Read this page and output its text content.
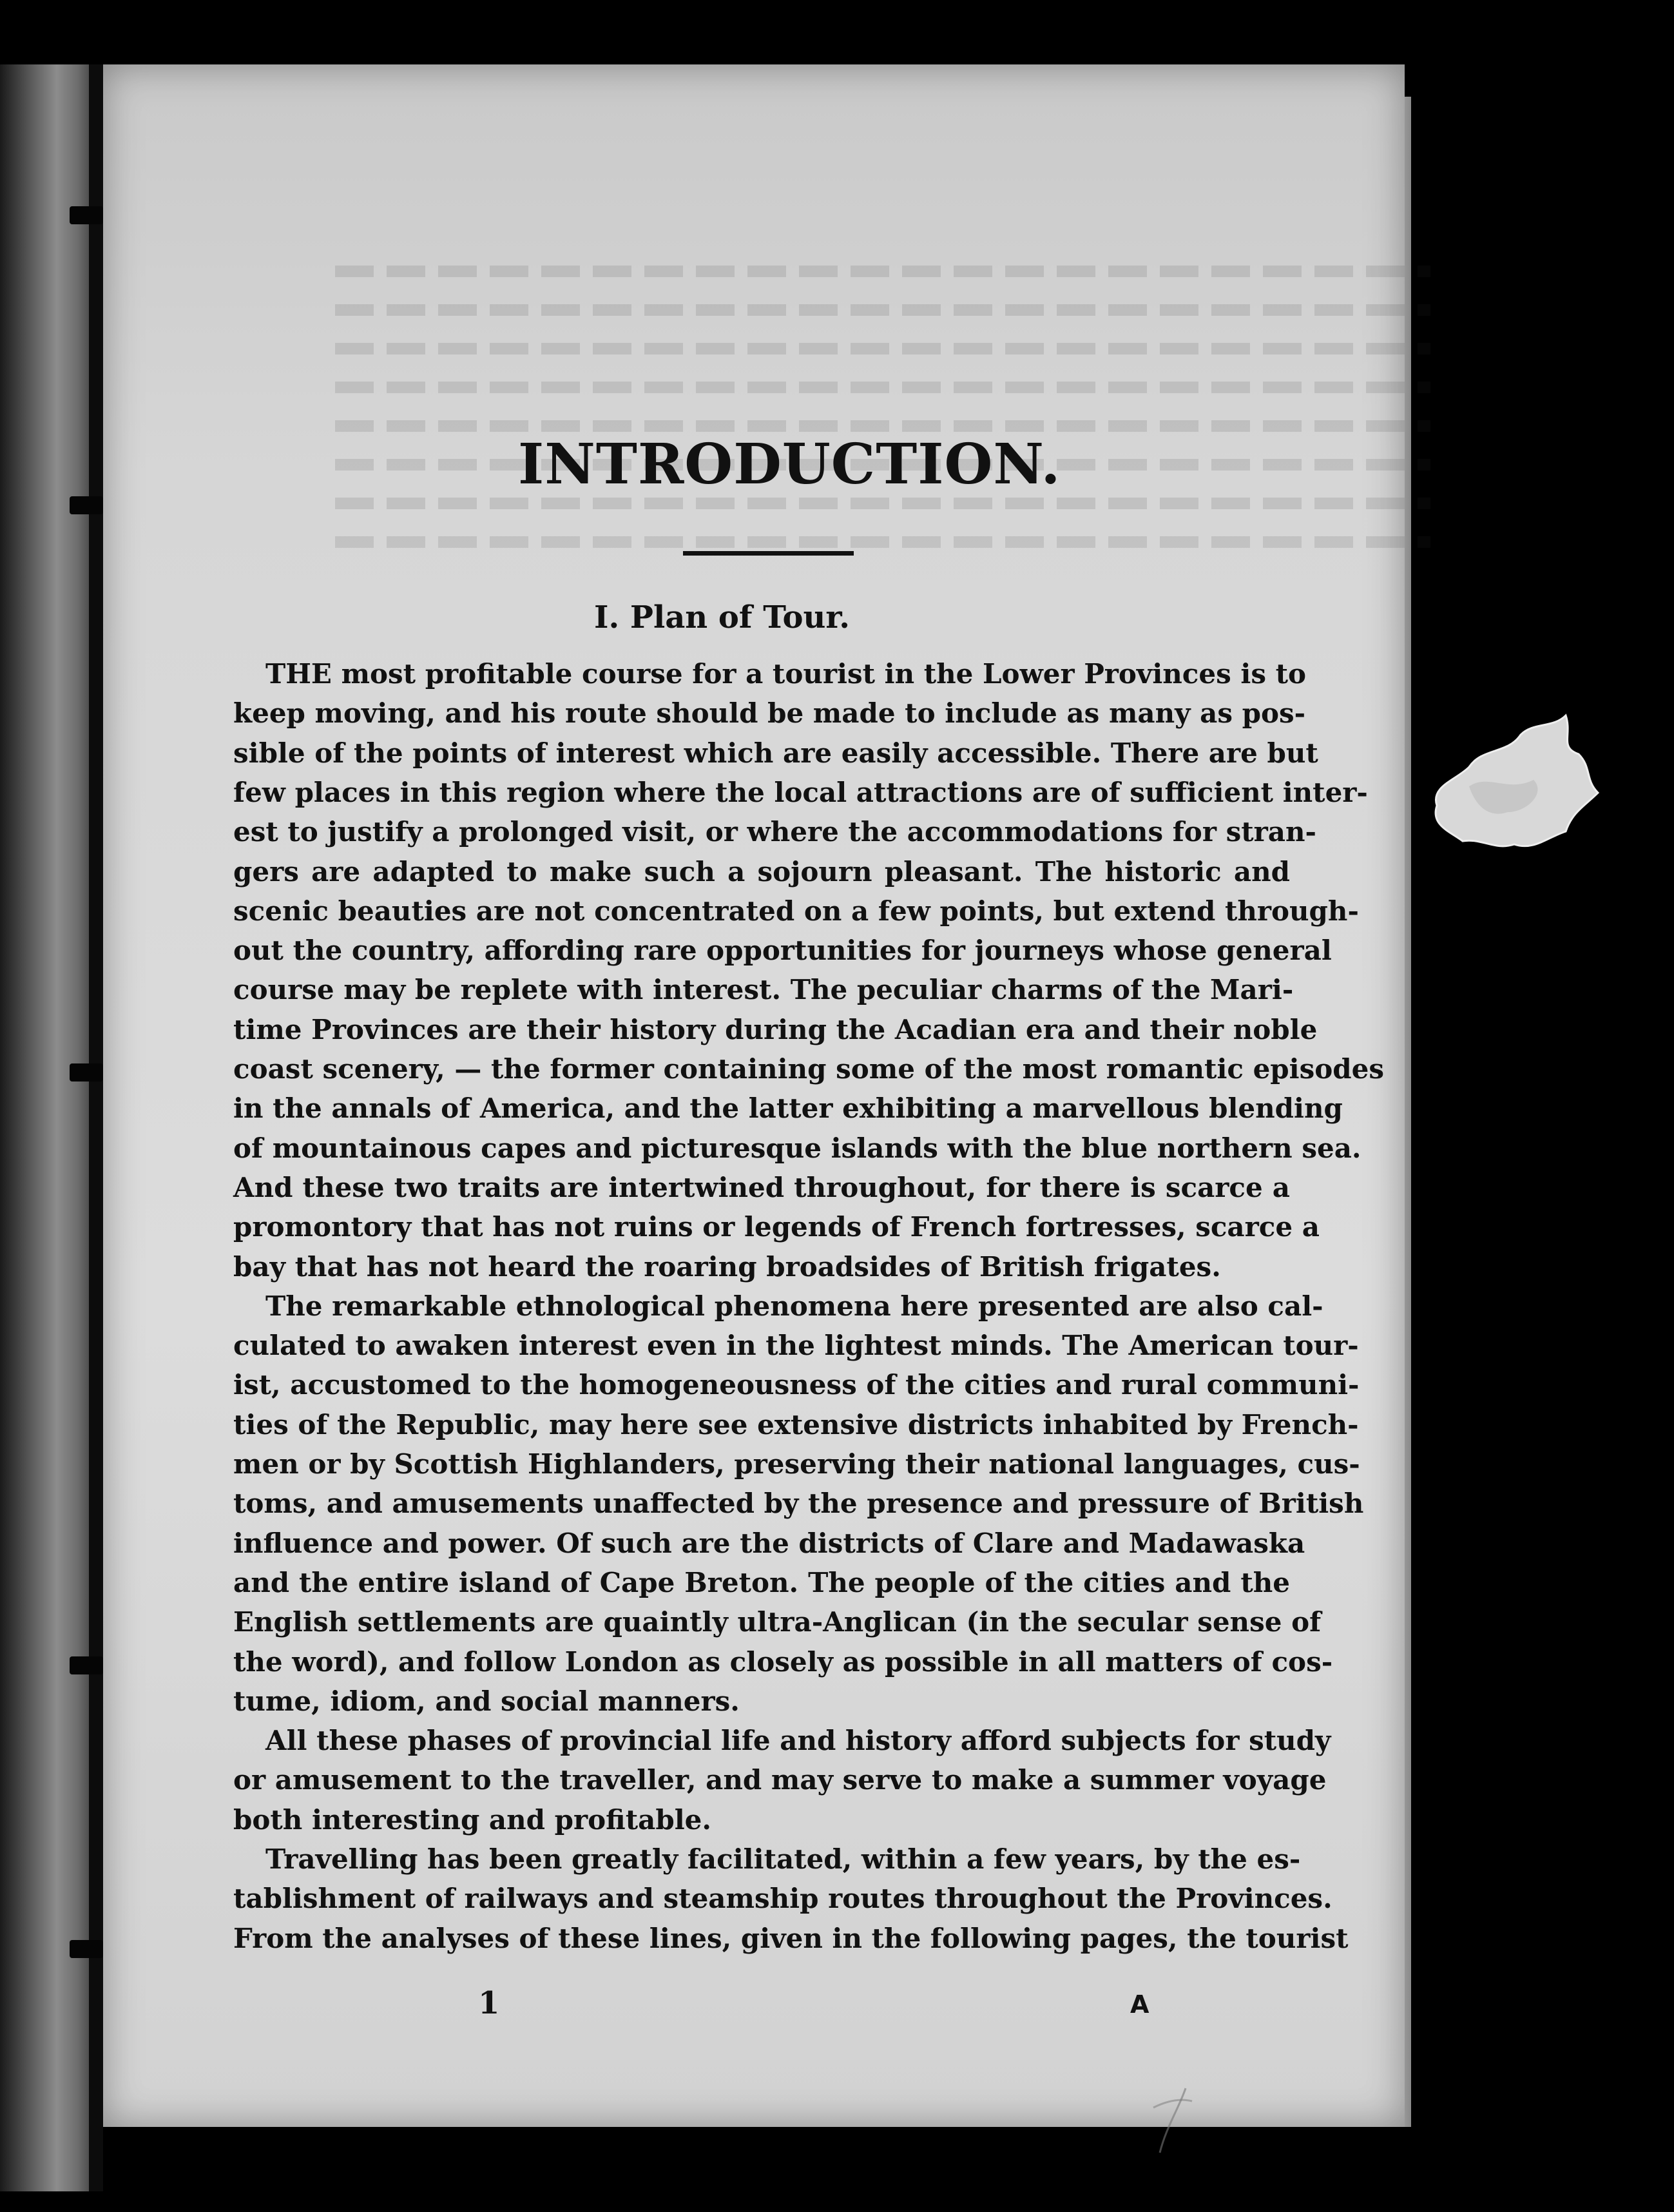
INTRODUCTION.
I. Plan of Tour.
THE most profitable course for a tourist in the Lower Provinces is to
keep moving, and his route should be made to include as many as pos-
sible of the points of interest which are easily accessible. There are but
few places in this region where the local attractions are of sufficient inter-
est to justify a prolonged visit, or where the accommodations for stran-
gers are adapted to make such a sojourn pleasant. The historic and
scenic beauties are not concentrated on a few points, but extend through-
out the country, affording rare opportunities for journeys whose general
course may be replete with interest. The peculiar charms of the Mari-
time Provinces are their history during the Acadian era and their noble
coast scenery, — the former containing some of the most romantic episodes
in the annals of America, and the latter exhibiting a marvellous blending
of mountainous capes and picturesque islands with the blue northern sea.
And these two traits are intertwined throughout, for there is scarce a
promontory that has not ruins or legends of French fortresses, scarce a
bay that has not heard the roaring broadsides of British frigates.
The remarkable ethnological phenomena here presented are also cal-
culated to awaken interest even in the lightest minds. The American tour-
ist, accustomed to the homogeneousness of the cities and rural communi-
ties of the Republic, may here see extensive districts inhabited by French-
men or by Scottish Highlanders, preserving their national languages, cus-
toms, and amusements unaffected by the presence and pressure of British
influence and power. Of such are the districts of Clare and Madawaska
and the entire island of Cape Breton. The people of the cities and the
English settlements are quaintly ultra-Anglican (in the secular sense of
the word), and follow London as closely as possible in all matters of cos-
tume, idiom, and social manners.
All these phases of provincial life and history afford subjects for study
or amusement to the traveller, and may serve to make a summer voyage
both interesting and profitable.
Travelling has been greatly facilitated, within a few years, by the es-
tablishment of railways and steamship routes throughout the Provinces.
From the analyses of these lines, given in the following pages, the tourist
1	A
